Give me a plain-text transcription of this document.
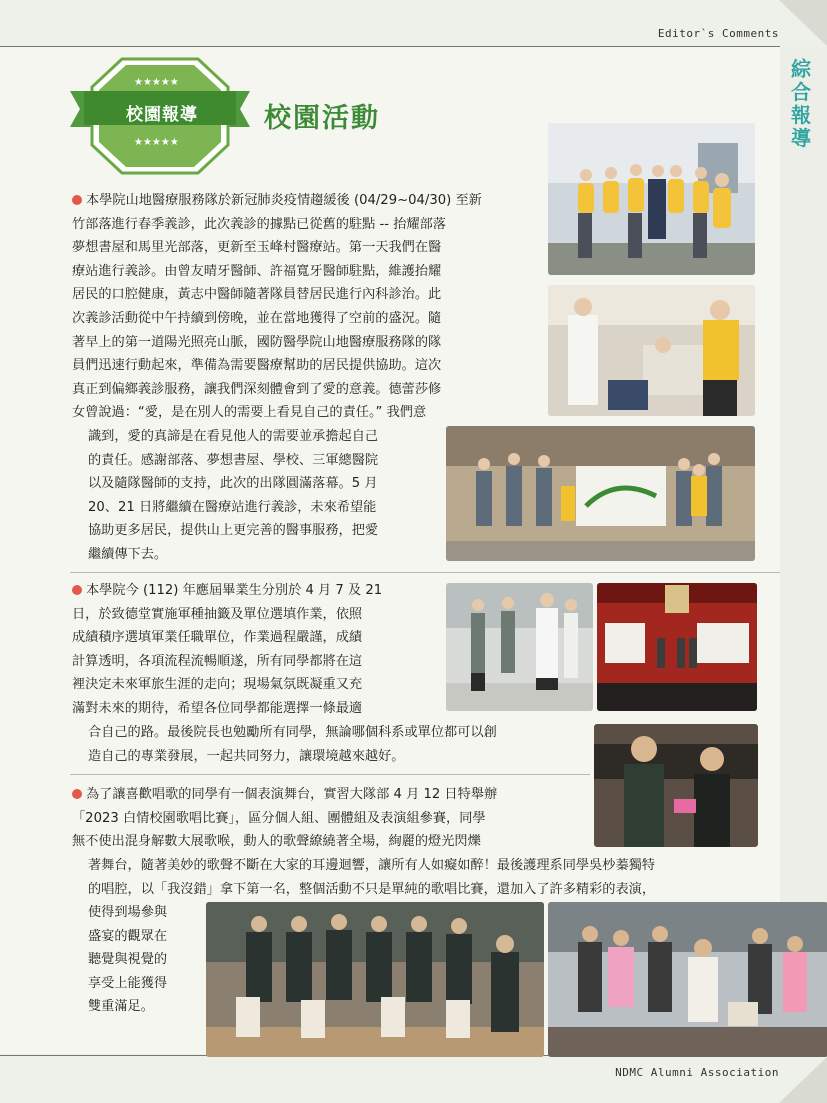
Editor`s Comments
NDMC Alumni Association
綜
合
報
導
★★★★★
★★★★★
校園報導	校園活動
本學院山地醫療服務隊於新冠肺炎疫情趨緩後 (04/29~04/30) 至新
竹部落進行春季義診，此次義診的據點已從舊的駐點 -- 抬耀部落
夢想書屋和馬里光部落，更新至玉峰村醫療站。第一天我們在醫
療站進行義診。由曾友晴牙醫師、許福寬牙醫師駐點，維護抬耀
居民的口腔健康，黃志中醫師隨著隊員替居民進行內科診治。此
次義診活動從中午持續到傍晚，並在當地獲得了空前的盛況。隨
著早上的第一道陽光照亮山脈，國防醫學院山地醫療服務隊的隊
員們迅速行動起來，準備為需要醫療幫助的居民提供協助。這次
真正到偏鄉義診服務，讓我們深刻體會到了愛的意義。德蕾莎修
女曾說過：“愛，是在別人的需要上看見自己的責任。” 我們意
識到，愛的真諦是在看見他人的需要並承擔起自己
的責任。感謝部落、夢想書屋、學校、三軍總醫院
以及隨隊醫師的支持，此次的出隊圓滿落幕。5 月
20、21 日將繼續在醫療站進行義診，未來希望能
協助更多居民，提供山上更完善的醫事服務，把愛
繼續傳下去。
本學院今 (112) 年應屆畢業生分別於 4 月 7 及 21
日，於致德堂實施軍種抽籤及單位選填作業，依照
成績積序選填軍業任職單位，作業過程嚴謹，成績
計算透明，各項流程流暢順遂，所有同學都將在這
裡決定未來軍旅生涯的走向；現場氣氛既凝重又充
滿對未來的期待，希望各位同學都能選擇一條最適
合自己的路。最後院長也勉勵所有同學，無論哪個科系或單位都可以創
造自己的專業發展，一起共同努力，讓環境越來越好。
為了讓喜歡唱歌的同學有一個表演舞台，實習大隊部 4 月 12 日特舉辦
「2023 白情校園歌唱比賽」，區分個人組、團體組及表演組參賽，同學
無不使出混身解數大展歌喉，動人的歌聲繚繞著全場，絢麗的燈光閃爍
著舞台，隨著美妙的歌聲不斷在大家的耳邊迴響，讓所有人如癡如醉！最後護理系同學吳杪蓁獨特
的唱腔，以「我沒錯」拿下第一名，整個活動不只是單純的歌唱比賽，還加入了許多精彩的表演，
使得到場參與
盛宴的觀眾在
聽覺與視覺的
享受上能獲得
雙重滿足。
